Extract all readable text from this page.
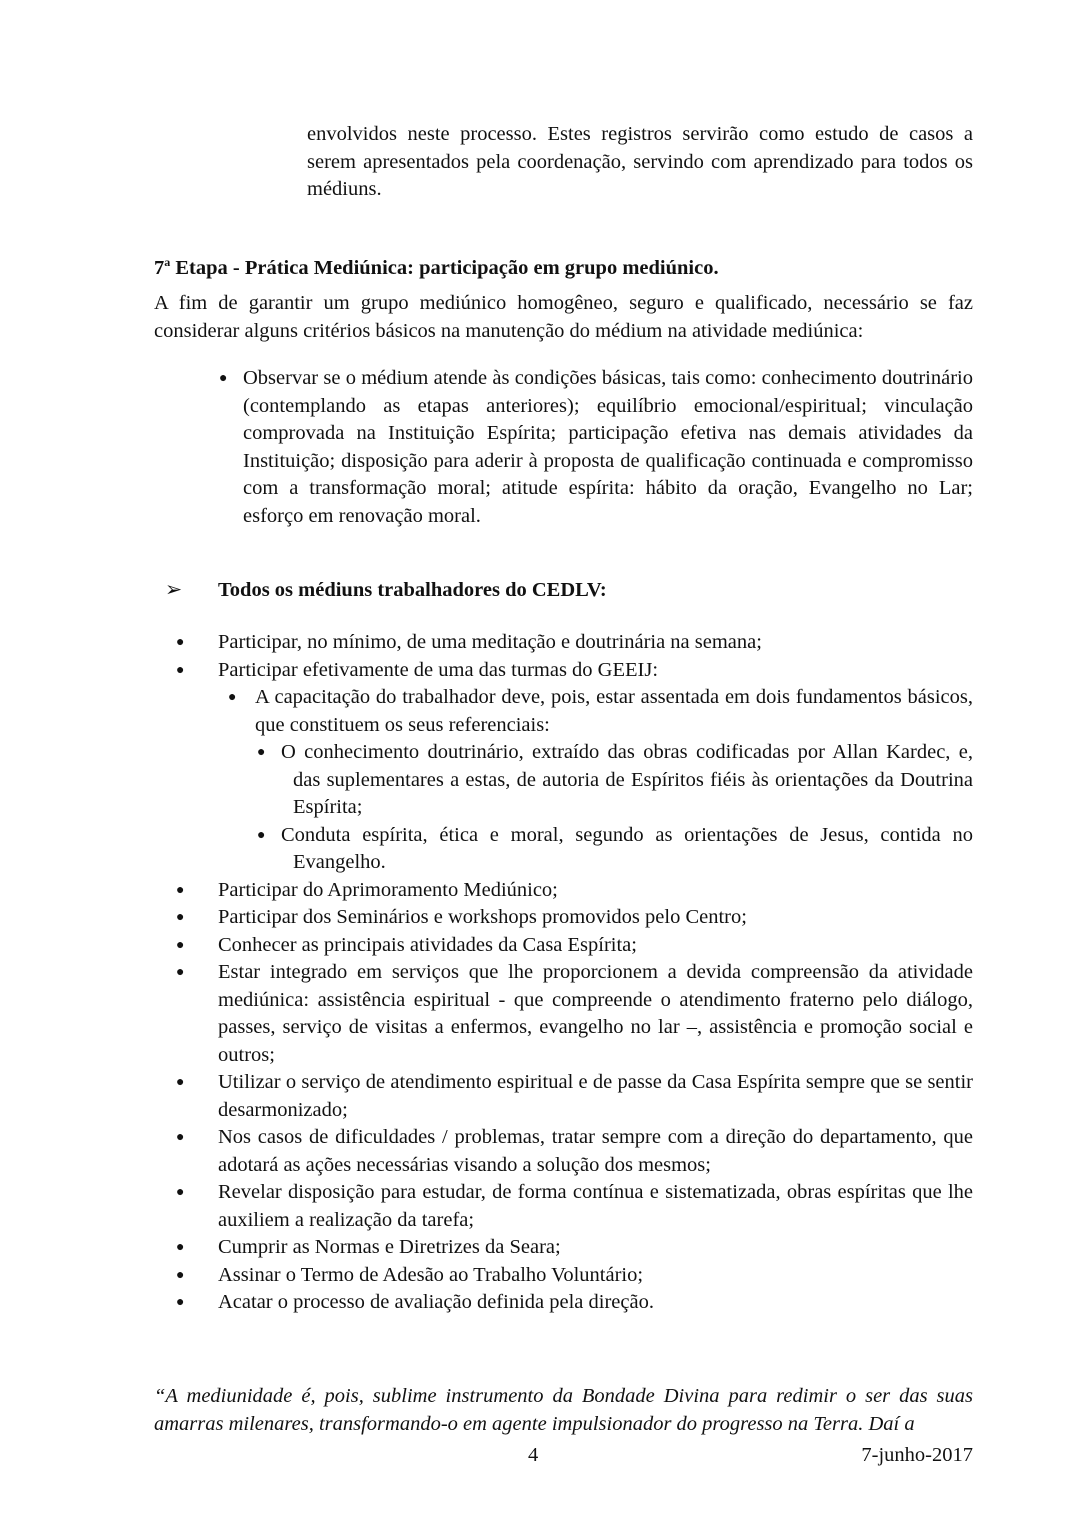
envolvidos neste processo. Estes registros servirão como estudo de casos a serem apresentados pela coordenação, servindo com aprendizado para todos os médiuns.
7$^a$ Etapa - Prática Mediúnica: participação em grupo mediúnico.
A fim de garantir um grupo mediúnico homogêneo, seguro e qualificado, necessário se faz considerar alguns critérios básicos na manutenção do médium na atividade mediúnica:
● Observar se o médium atende às condições básicas, tais como: conhecimento doutrinário (contemplando as etapas anteriores); equilíbrio emocional/espiritual; vinculação comprovada na Instituição Espírita; participação efetiva nas demais atividades da Instituição; disposição para aderir à proposta de qualificação continuada e compromisso com a transformação moral; atitude espírita: hábito da oração, Evangelho no Lar; esforço em renovação moral.
➢ Todos os médiuns trabalhadores do CEDLV:
● Participar, no mínimo, de uma meditação e doutrinária na semana;
● Participar efetivamente de uma das turmas do GEEIJ:
● A capacitação do trabalhador deve, pois, estar assentada em dois fundamentos básicos, que constituem os seus referenciais:
● O conhecimento doutrinário, extraído das obras codificadas por Allan Kardec, e, das suplementares a estas, de autoria de Espíritos fiéis às orientações da Doutrina Espírita;
● Conduta espírita, ética e moral, segundo as orientações de Jesus, contida no Evangelho.
● Participar do Aprimoramento Mediúnico;
● Participar dos Seminários e workshops promovidos pelo Centro;
● Conhecer as principais atividades da Casa Espírita;
● Estar integrado em serviços que lhe proporcionem a devida compreensão da atividade mediúnica: assistência espiritual - que compreende o atendimento fraterno pelo diálogo, passes, serviço de visitas a enfermos, evangelho no lar –, assistência e promoção social e outros;
● Utilizar o serviço de atendimento espiritual e de passe da Casa Espírita sempre que se sentir desarmonizado;
● Nos casos de dificuldades / problemas, tratar sempre com a direção do departamento, que adotará as ações necessárias visando a solução dos mesmos;
● Revelar disposição para estudar, de forma contínua e sistematizada, obras espíritas que lhe auxiliem a realização da tarefa;
● Cumprir as Normas e Diretrizes da Seara;
● Assinar o Termo de Adesão ao Trabalho Voluntário;
● Acatar o processo de avaliação definida pela direção.
“A mediunidade é, pois, sublime instrumento da Bondade Divina para redimir o ser das suas amarras milenares, transformando-o em agente impulsionador do progresso na Terra. Daí a
4	7-junho-2017
